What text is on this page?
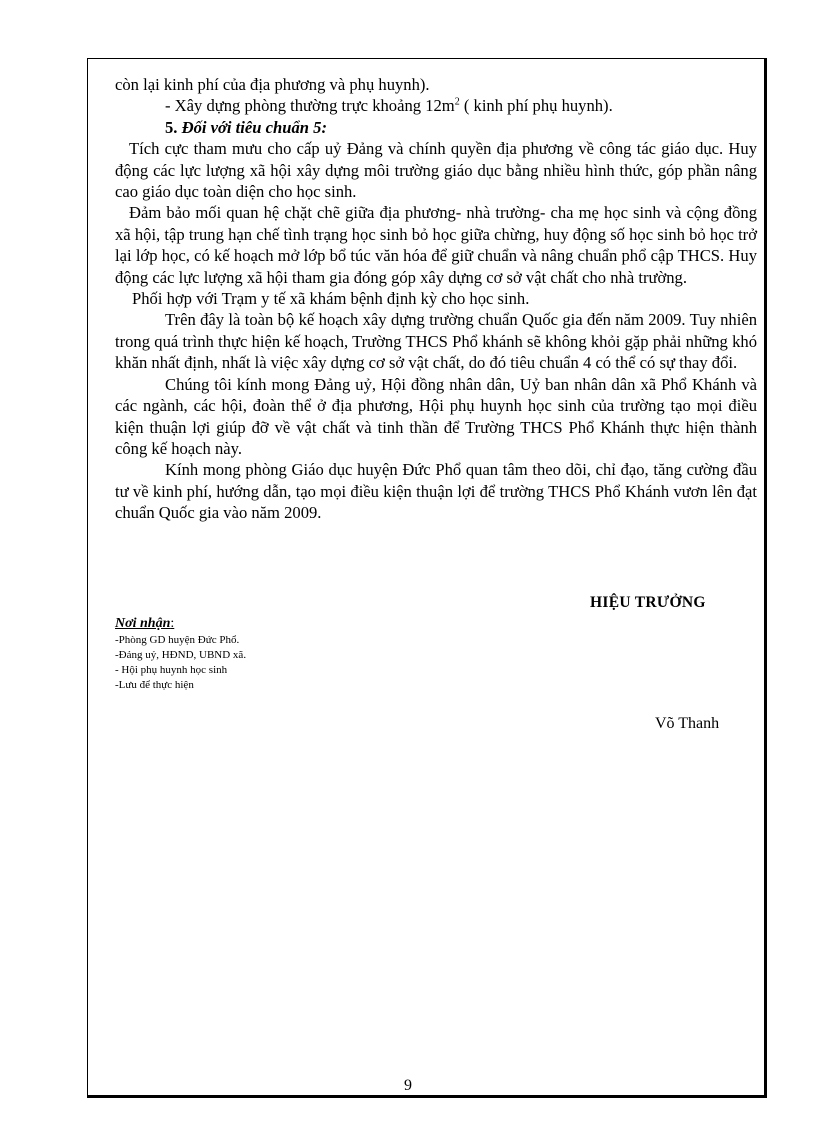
còn lại kinh phí của địa phương và phụ huynh).

- Xây dựng phòng thường trực khoảng $12m^2$ ( kinh phí phụ huynh).

5. Đối với tiêu chuẩn 5:

Tích cực tham mưu cho cấp uỷ Đảng và chính quyền địa phương về công tác giáo dục. Huy động các lực lượng xã hội xây dựng môi trường giáo dục bằng nhiều hình thức, góp phần nâng cao giáo dục toàn diện cho học sinh.

Đảm bảo mối quan hệ chặt chẽ giữa địa phương- nhà trường- cha mẹ học sinh và cộng đồng xã hội, tập trung hạn chế tình trạng học sinh bỏ học giữa chừng, huy động số học sinh bỏ học trở lại lớp học, có kế hoạch mở lớp bổ túc văn hóa để giữ chuẩn và nâng chuẩn phổ cập THCS. Huy động các lực lượng xã hội tham gia đóng góp xây dựng cơ sở vật chất cho nhà trường.

Phối hợp với Trạm y tế xã khám bệnh định kỳ cho học sinh.

Trên đây là toàn bộ kế hoạch xây dựng trường chuẩn Quốc gia đến năm 2009. Tuy nhiên trong quá trình thực hiện kế hoạch, Trường THCS Phổ khánh sẽ không khỏi gặp phải những khó khăn nhất định, nhất là việc xây dựng cơ sở vật chất, do đó tiêu chuẩn 4 có thể có sự thay đổi.

Chúng tôi kính mong Đảng uỷ, Hội đồng nhân dân, Uỷ ban nhân dân xã Phổ Khánh và các ngành, các hội, đoàn thể ở địa phương, Hội phụ huynh học sinh của trường tạo mọi điều kiện thuận lợi giúp đỡ về vật chất và tinh thần để Trường THCS Phổ Khánh thực hiện thành công kế hoạch này.

Kính mong phòng Giáo dục huyện Đức Phổ quan tâm theo dõi, chỉ đạo, tăng cường đầu tư về kinh phí, hướng dẫn, tạo mọi điều kiện thuận lợi để trường THCS Phổ Khánh vươn lên đạt chuẩn Quốc gia vào năm 2009.

HIỆU TRƯỞNG

Nơi nhận:

-Phòng GD huyện Đức Phổ.

-Đảng uỷ, HĐND, UBND xã.

- Hội phụ huynh học sinh

-Lưu để thực hiện

Võ Thanh
9
